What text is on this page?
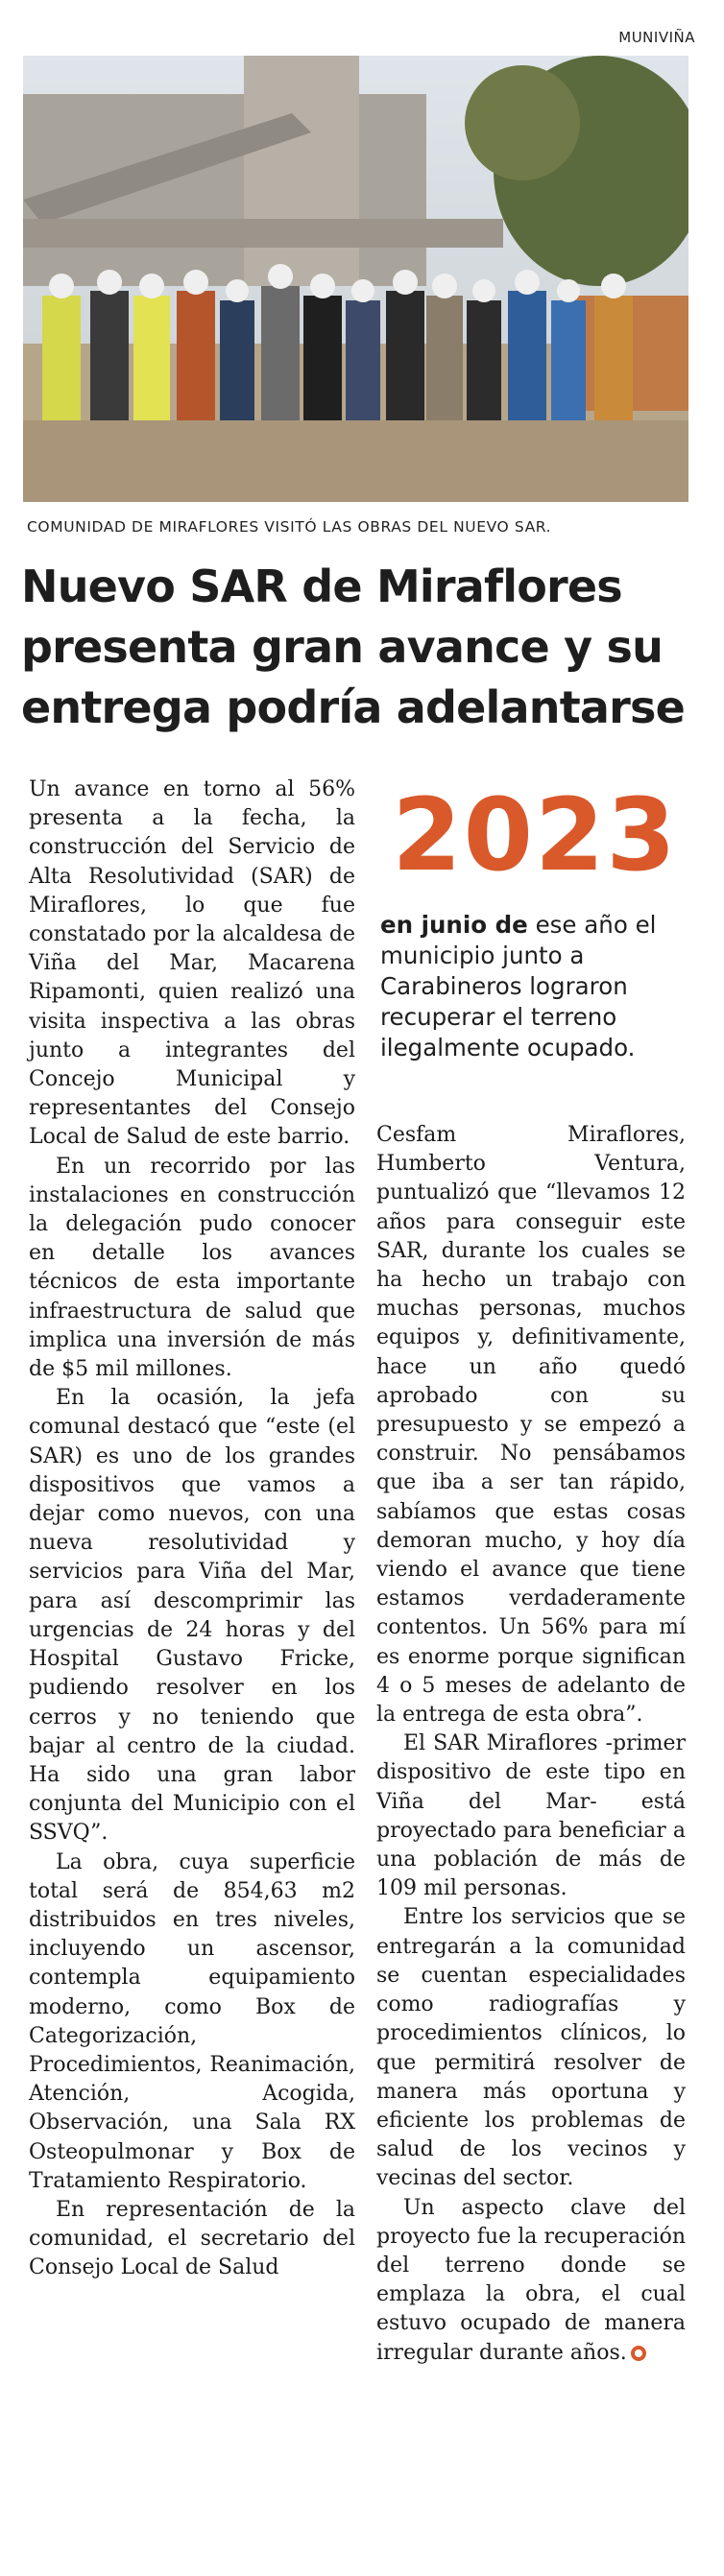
MUNIVIÑA
COMUNIDAD DE MIRAFLORES VISITÓ LAS OBRAS DEL NUEVO SAR.
Nuevo SAR de Miraflores
presenta gran avance y su
entrega podría adelantarse

Un avance en torno al 56% presenta a la fecha, la construcción del Servicio de Alta Resolutividad (SAR) de Miraflores, lo que fue constatado por la alcaldesa de Viña del Mar, Macarena Ripamonti, quien realizó una visita inspectiva a las obras junto a integrantes del Concejo Municipal y representantes del Consejo Local de Salud de este barrio.

En un recorrido por las instalaciones en construcción la delegación pudo conocer en detalle los avances técnicos de esta importante infraestructura de salud que implica una inversión de más de $5 mil millones.

En la ocasión, la jefa comunal destacó que “este (el SAR) es uno de los grandes dispositivos que vamos a dejar como nuevos, con una nueva resolutividad y servicios para Viña del Mar, para así descomprimir las urgencias de 24 horas y del Hospital Gustavo Fricke, pudiendo resolver en los cerros y no teniendo que bajar al centro de la ciudad. Ha sido una gran labor conjunta del Municipio con el SSVQ”.

La obra, cuya superficie total será de 854,63 m2 distribuidos en tres niveles, incluyendo un ascensor, contempla equipamiento moderno, como Box de Categorización, Procedimientos, Reanimación, Atención, Acogida, Observación, una Sala RX Osteopulmonar y Box de Tratamiento Respiratorio.

En representación de la comunidad, el secretario del Consejo Local de Salud

2023
en junio de ese año el municipio junto a Carabineros lograron recuperar el terreno ilegalmente ocupado.

Cesfam Miraflores, Humberto Ventura, puntualizó que “llevamos 12 años para conseguir este SAR, durante los cuales se ha hecho un trabajo con muchas personas, muchos equipos y, definitivamente, hace un año quedó aprobado con su presupuesto y se empezó a construir. No pensábamos que iba a ser tan rápido, sabíamos que estas cosas demoran mucho, y hoy día viendo el avance que tiene estamos verdaderamente contentos. Un 56% para mí es enorme porque significan 4 o 5 meses de adelanto de la entrega de esta obra”.

El SAR Miraflores -primer dispositivo de este tipo en Viña del Mar- está proyectado para beneficiar a una población de más de 109 mil personas.

Entre los servicios que se entregarán a la comunidad se cuentan especialidades como radiografías y procedimientos clínicos, lo que permitirá resolver de manera más oportuna y eficiente los problemas de salud de los vecinos y vecinas del sector.

Un aspecto clave del proyecto fue la recuperación del terreno donde se emplaza la obra, el cual estuvo ocupado de manera irregular durante años.
